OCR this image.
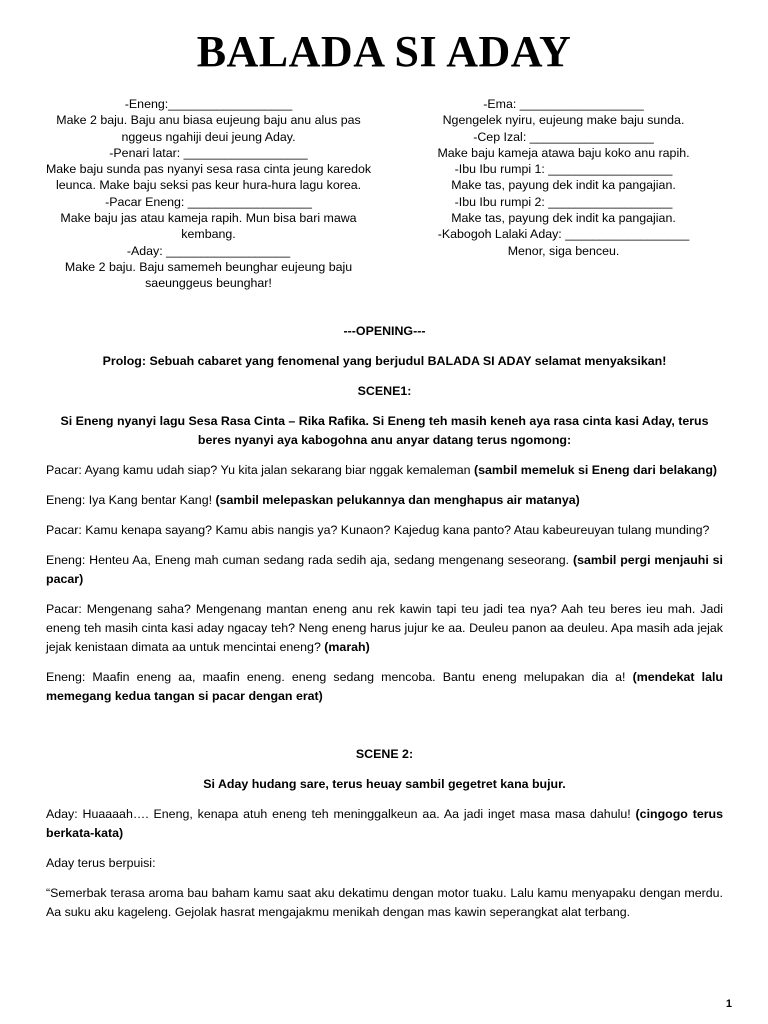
BALADA SI ADAY
-Eneng:__________________
Make 2 baju. Baju anu biasa eujeung baju anu alus pas
nggeus ngahiji deui jeung Aday.
-Penari latar: __________________
Make baju sunda pas nyanyi sesa rasa cinta jeung karedok
leunca. Make baju seksi pas keur hura-hura lagu korea.
-Pacar Eneng: __________________
Make baju jas atau kameja rapih. Mun bisa bari mawa
kembang.
-Aday: __________________
Make 2 baju. Baju samemeh beunghar eujeung baju
saeunggeus beunghar!
-Ema: __________________
Ngengelek nyiru, eujeung make baju sunda.
-Cep Izal: __________________
Make baju kameja atawa baju koko anu rapih.
-Ibu Ibu rumpi 1: __________________
Make tas, payung dek indit ka pangajian.
-Ibu Ibu rumpi 2: __________________
Make tas, payung dek indit ka pangajian.
-Kabogoh Lalaki Aday: __________________
Menor, siga benceu.

---OPENING---

Prolog: Sebuah cabaret yang fenomenal yang berjudul BALADA SI ADAY selamat menyaksikan!

SCENE1:

Si Eneng nyanyi lagu Sesa Rasa Cinta – Rika Rafika. Si Eneng teh masih keneh aya rasa cinta kasi Aday, terus beres nyanyi aya kabogohna anu anyar datang terus ngomong:

Pacar: Ayang kamu udah siap? Yu kita jalan sekarang biar nggak kemaleman (sambil memeluk si Eneng dari belakang)

Eneng: Iya Kang bentar Kang! (sambil melepaskan pelukannya dan menghapus air matanya)

Pacar: Kamu kenapa sayang? Kamu abis nangis ya? Kunaon? Kajedug kana panto? Atau kabeureuyan tulang munding?

Eneng: Henteu Aa, Eneng mah cuman sedang rada sedih aja, sedang mengenang seseorang. (sambil pergi menjauhi si pacar)

Pacar: Mengenang saha? Mengenang mantan eneng anu rek kawin tapi teu jadi tea nya? Aah teu beres ieu mah. Jadi eneng teh masih cinta kasi aday ngacay teh? Neng eneng harus jujur ke aa. Deuleu panon aa deuleu. Apa masih ada jejak jejak kenistaan dimata aa untuk mencintai eneng? (marah)

Eneng: Maafin eneng aa, maafin eneng. eneng sedang mencoba. Bantu eneng melupakan dia a! (mendekat lalu memegang kedua tangan si pacar dengan erat)

SCENE 2:

Si Aday hudang sare, terus heuay sambil gegetret kana bujur.

Aday: Huaaaah…. Eneng, kenapa atuh eneng teh meninggalkeun aa. Aa jadi inget masa masa dahulu! (cingogo terus berkata-kata)

Aday terus berpuisi:

“Semerbak terasa aroma bau baham kamu saat aku dekatimu dengan motor tuaku. Lalu kamu menyapaku dengan merdu. Aa suku aku kageleng. Gejolak hasrat mengajakmu menikah dengan mas kawin seperangkat alat terbang.

1
